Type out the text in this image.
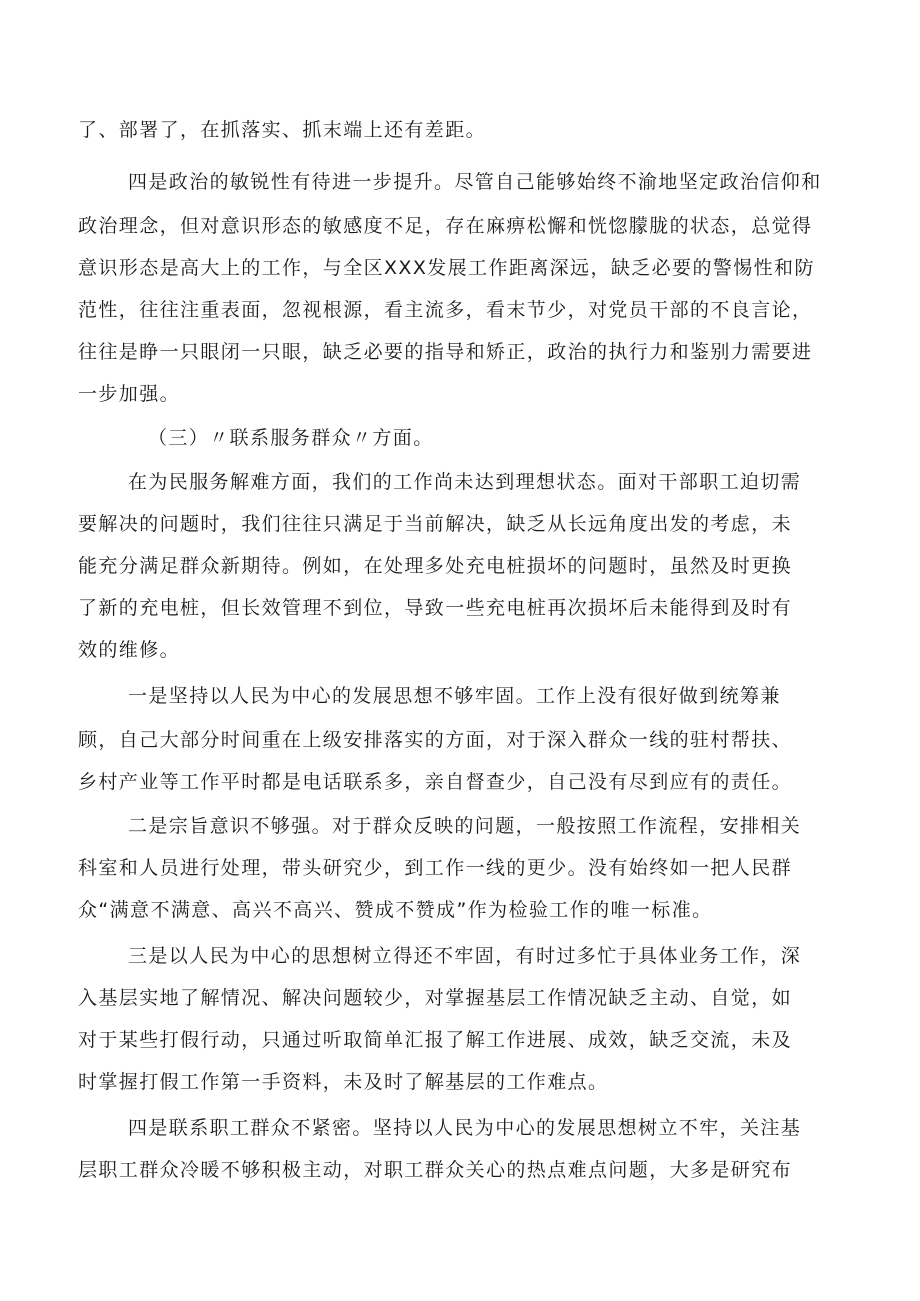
了、部署了，在抓落实、抓末端上还有差距。
四是政治的敏锐性有待进一步提升。尽管自己能够始终不渝地坚定政治信仰和
政治理念，但对意识形态的敏感度不足，存在麻痹松懈和恍惚朦胧的状态，总觉得
意识形态是高大上的工作，与全区XXX发展工作距离深远，缺乏必要的警惕性和防
范性，往往注重表面，忽视根源，看主流多，看末节少，对党员干部的不良言论，
往往是睁一只眼闭一只眼，缺乏必要的指导和矫正，政治的执行力和鉴别力需要进
一步加强。
（三）〃联系服务群众〃方面。
在为民服务解难方面，我们的工作尚未达到理想状态。面对干部职工迫切需
要解决的问题时，我们往往只满足于当前解决，缺乏从长远角度出发的考虑，未
能充分满足群众新期待。例如，在处理多处充电桩损坏的问题时，虽然及时更换
了新的充电桩，但长效管理不到位，导致一些充电桩再次损坏后未能得到及时有
效的维修。
一是坚持以人民为中心的发展思想不够牢固。工作上没有很好做到统筹兼
顾，自己大部分时间重在上级安排落实的方面，对于深入群众一线的驻村帮扶、
乡村产业等工作平时都是电话联系多，亲自督查少，自己没有尽到应有的责任。
二是宗旨意识不够强。对于群众反映的问题，一般按照工作流程，安排相关
科室和人员进行处理，带头研究少，到工作一线的更少。没有始终如一把人民群
众“满意不满意、高兴不高兴、赞成不赞成”作为检验工作的唯一标准。
三是以人民为中心的思想树立得还不牢固，有时过多忙于具体业务工作，深
入基层实地了解情况、解决问题较少，对掌握基层工作情况缺乏主动、自觉，如
对于某些打假行动，只通过听取简单汇报了解工作进展、成效，缺乏交流，未及
时掌握打假工作第一手资料，未及时了解基层的工作难点。
四是联系职工群众不紧密。坚持以人民为中心的发展思想树立不牢，关注基
层职工群众冷暖不够积极主动，对职工群众关心的热点难点问题，大多是研究布
